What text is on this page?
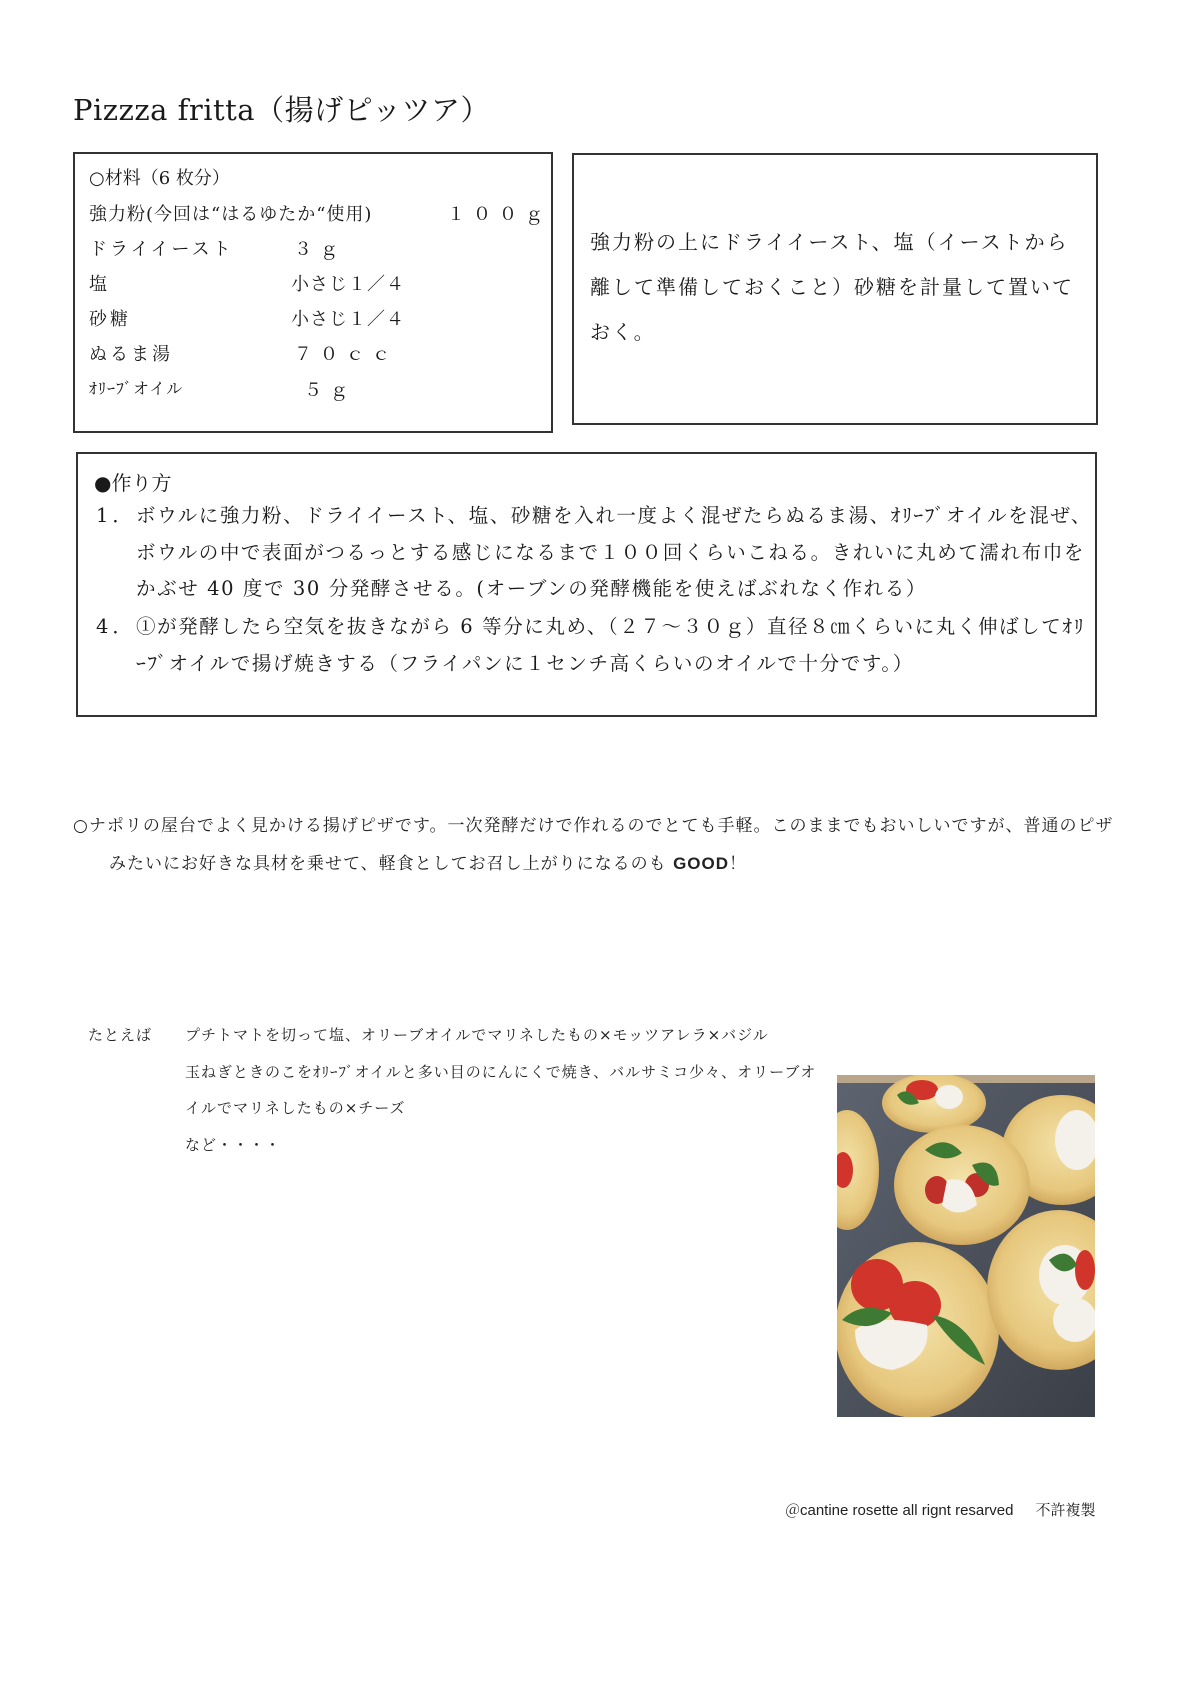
Pizzza fritta（揚げピッツア）
○材料（6 枚分）
強力粉(今回は“はるゆたか“使用)	１００ｇ
ドライイースト	３ｇ
塩	小さじ１／４
砂糖	小さじ１／４
ぬるま湯	７０ｃｃ
ｵﾘｰﾌﾞオイル	５ｇ
強力粉の上にドライイースト、塩（イーストから離して準備しておくこと）砂糖を計量して置いておく。
●作り方
1． ボウルに強力粉、ドライイースト、塩、砂糖を入れ一度よく混ぜたらぬるま湯、ｵﾘｰﾌﾞオイルを混ぜ、ボウルの中で表面がつるっとする感じになるまで１００回くらいこねる。きれいに丸めて濡れ布巾をかぶせ 40 度で 30 分発酵させる。(オーブンの発酵機能を使えばぶれなく作れる）
4． ①が発酵したら空気を抜きながら 6 等分に丸め、（２７～３０ｇ）直径８㎝くらいに丸く伸ばしてｵﾘｰﾌﾞオイルで揚げ焼きする（フライパンに１センチ高くらいのオイルで十分です。）
○ナポリの屋台でよく見かける揚げピザです。一次発酵だけで作れるのでとても手軽。このままでもおいしいですが、普通のピザ
みたいにお好きな具材を乗せて、軽食としてお召し上がりになるのも GOOD！
たとえば プチトマトを切って塩、オリーブオイルでマリネしたもの×モッツアレラ×バジル
玉ねぎときのこをｵﾘｰﾌﾞオイルと多い目のにんにくで焼き、バルサミコ少々、オリーブオ
イルでマリネしたもの×チーズ
など・・・・
＠cantine rosette all rignt resarved 不許複製
